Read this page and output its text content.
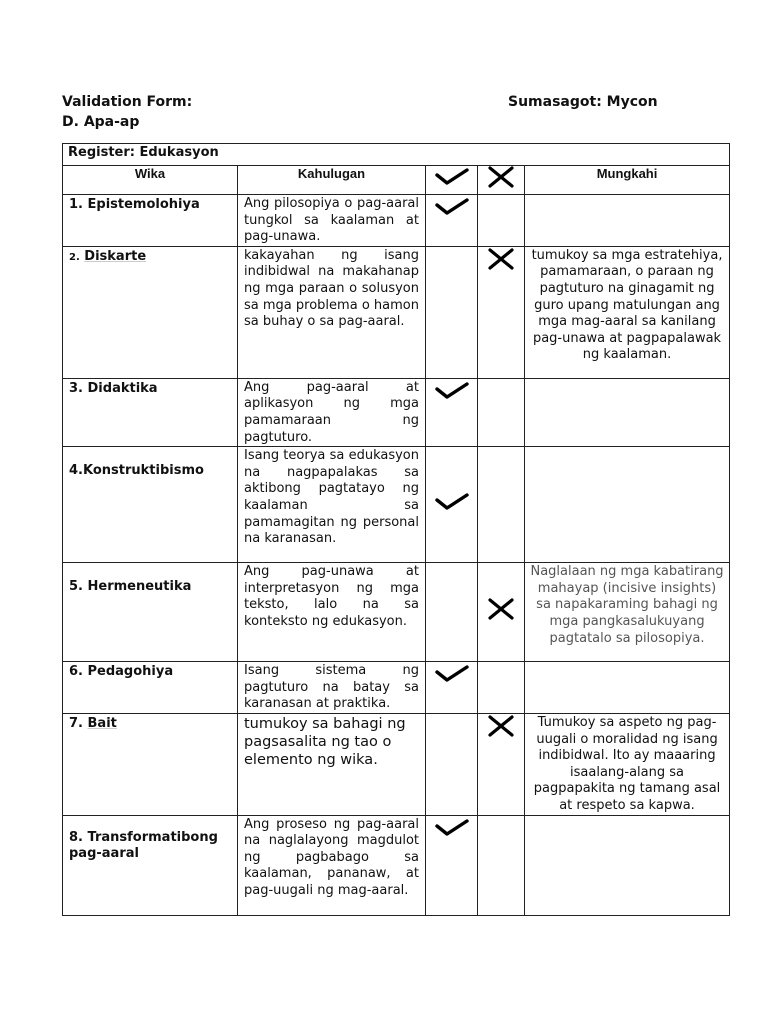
Validation Form:
D. Apa-ap
Sumasagot: Mycon
Register: Edukasyon				
Wika	Kahulugan			Mungkahi
1. Epistemolohiya	Ang pilosopiya o pag-aaral tungkol sa kaalaman at pag-unawa.			
2. Diskarte	kakayahan ng isang indibidwal na makahanap ng mga paraan o solusyon sa mga problema o hamon sa buhay o sa pag-aaral.			tumukoy sa mga estratehiya, pamamaraan, o paraan ng pagtuturo na ginagamit ng guro upang matulungan ang mga mag-aaral sa kanilang pag-unawa at pagpapalawak ng kaalaman.
3. Didaktika	Ang pag-aaral at aplikasyon ng mga pamamaraan ng pagtuturo.			
4.Konstruktibismo	Isang teorya sa edukasyon na nagpapalakas sa aktibong pagtatayo ng kaalaman sa pamamagitan ng personal na karanasan.			
5. Hermeneutika	Ang pag-unawa at interpretasyon ng mga teksto, lalo na sa konteksto ng edukasyon.			Naglalaan ng mga kabatirang mahayap (incisive insights) sa napakaraming bahagi ng mga pangkasalukuyang pagtatalo sa pilosopiya.
6. Pedagohiya	Isang sistema ng pagtuturo na batay sa karanasan at praktika.			
7. Bait	tumukoy sa bahagi ng pagsasalita ng tao o elemento ng wika.			Tumukoy sa aspeto ng pag-uugali o moralidad ng isang indibidwal. Ito ay maaaring isaalang-alang sa pagpapakita ng tamang asal at respeto sa kapwa.
8. Transformatibong pag-aaral	Ang proseso ng pag-aaral na naglalayong magdulot ng pagbabago sa kaalaman, pananaw, at pag-uugali ng mag-aaral.			
